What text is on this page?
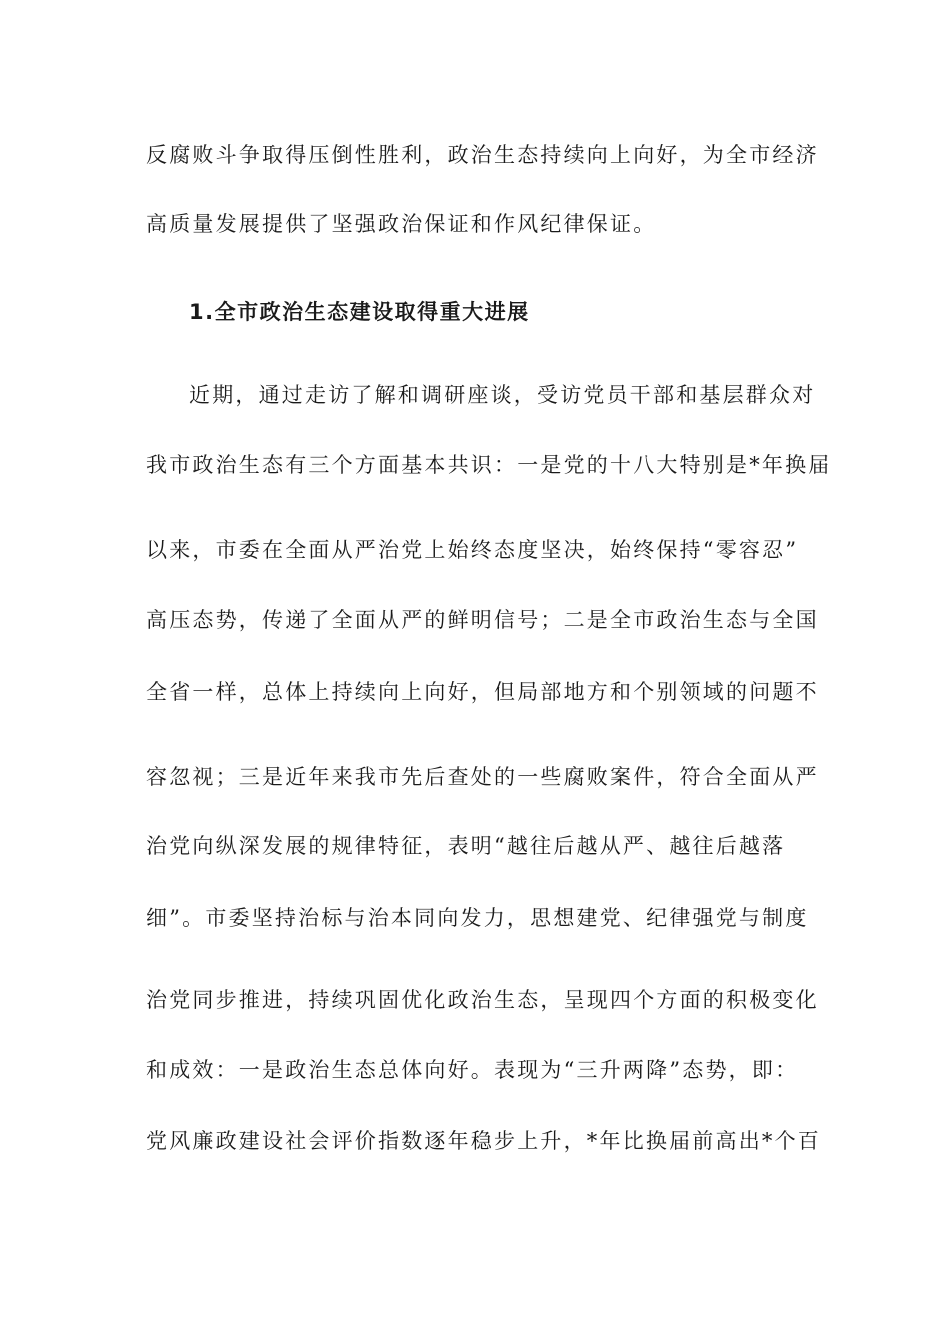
反腐败斗争取得压倒性胜利，政治生态持续向上向好，为全市经济
高质量发展提供了坚强政治保证和作风纪律保证。
1.全市政治生态建设取得重大进展
近期，通过走访了解和调研座谈，受访党员干部和基层群众对
我市政治生态有三个方面基本共识：一是党的十八大特别是*年换届
以来，市委在全面从严治党上始终态度坚决，始终保持“零容忍”
高压态势，传递了全面从严的鲜明信号；二是全市政治生态与全国
全省一样，总体上持续向上向好，但局部地方和个别领域的问题不
容忽视；三是近年来我市先后查处的一些腐败案件，符合全面从严
治党向纵深发展的规律特征，表明“越往后越从严、越往后越落
细”。市委坚持治标与治本同向发力，思想建党、纪律强党与制度
治党同步推进，持续巩固优化政治生态，呈现四个方面的积极变化
和成效：一是政治生态总体向好。表现为“三升两降”态势，即：
党风廉政建设社会评价指数逐年稳步上升，*年比换届前高出*个百
